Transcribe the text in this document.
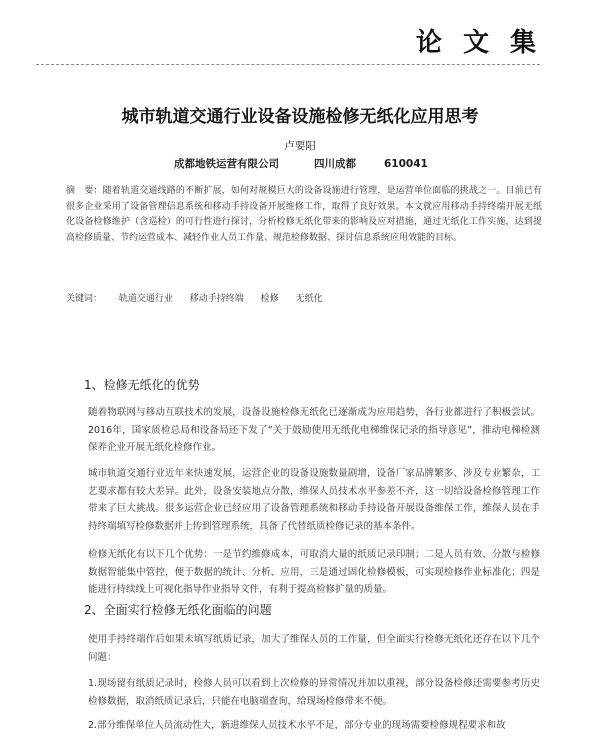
论 文 集
城市轨道交通行业设备设施检修无纸化应用思考
卢要阳
成都地铁运营有限公司	四川成都	610041
摘　要：随着轨道交通线路的不断扩展，如何对规模巨大的设备设施进行管理，是运营单位面临的挑战之一。目前已有很多企业采用了设备管理信息系统和移动手持设备开展维修工作，取得了良好效果。本文就应用移动手持终端开展无纸化设备检修维护（含巡检）的可行性进行探讨，分析检修无纸化带来的影响及应对措施，通过无纸化工作实施，达到提高检修质量、节约运营成本、减轻作业人员工作量、规范检修数据、探讨信息系统应用效能的目标。
关键词： 轨道交通行业 移动手持终端 检修 无纸化
1、检修无纸化的优势
随着物联网与移动互联技术的发展，设备设施检修无纸化已逐渐成为应用趋势，各行业都进行了积极尝试。2016年，国家质检总局和设备局还下发了“关于鼓励使用无纸化电梯维保记录的指导意见”，推动电梯检测保养企业开展无纸化检修作业。
城市轨道交通行业近年来快速发展，运营企业的设备设施数量剧增，设备厂家品牌繁多、涉及专业繁杂，工艺要求都有较大差异。此外，设备安装地点分散，维保人员技术水平参差不齐，这一切给设备检修管理工作带来了巨大挑战。很多运营企业已经应用了设备管理系统和移动手持设备开展设备维保工作，维保人员在手持终端填写检修数据并上传到管理系统，具备了代替纸质检修记录的基本条件。
检修无纸化有以下几个优势：一是节约维修成本，可取消大量的纸质记录印制；二是人员有效、分散与检修数据智能集中管控，便于数据的统计、分析、应用，三是通过固化检修模板，可实现检修作业标准化；四是能进行持续线上可视化指导作业指导文件，有利于提高检修扩量的质量。
2、全面实行检修无纸化面临的问题
使用手持终端作后如果未填写纸质记录，加大了维保人员的工作量，但全面实行检修无纸化还存在以下几个问题：
1.现场留有纸质记录时，检修人员可以看到上次检修的异常情况并加以重视，部分设备检修还需要参考历史检修数据，取消纸质记录后，只能在电脑端查询，给现场检修带来不便。
2.部分维保单位人员流动性大，新进维保人员技术水平不足，部分专业的现场需要检修规程要求和故
